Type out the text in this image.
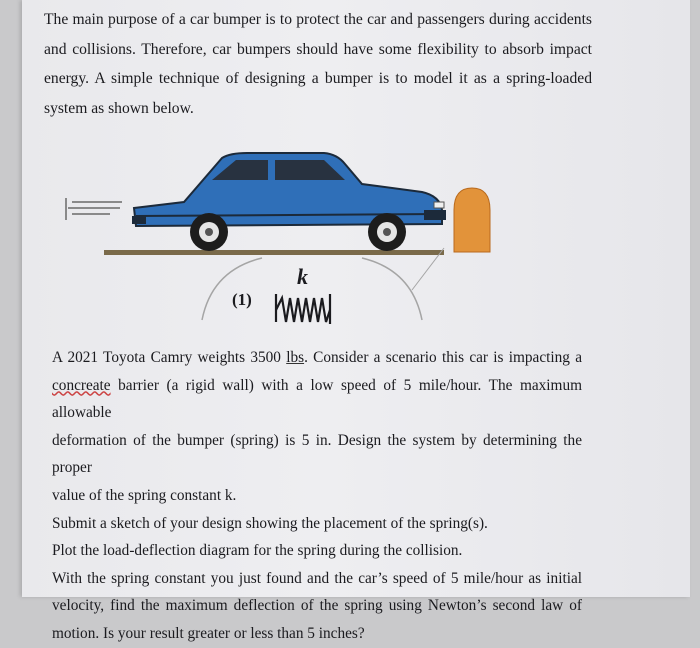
The main purpose of a car bumper is to protect the car and passengers during accidents
and collisions. Therefore, car bumpers should have some flexibility to absorb impact
energy. A simple technique of designing a bumper is to model it as a spring-loaded
system as shown below.

k
(1)
A 2021 Toyota Camry weights 3500 lbs. Consider a scenario this car is impacting a
concreate barrier (a rigid wall) with a low speed of 5 mile/hour. The maximum allowable
deformation of the bumper (spring) is 5 in. Design the system by determining the proper
value of the spring constant k.
Submit a sketch of your design showing the placement of the spring(s).
Plot the load-deflection diagram for the spring during the collision.
With the spring constant you just found and the car’s speed of 5 mile/hour as initial
velocity, find the maximum deflection of the spring using Newton’s second law of
motion. Is your result greater or less than 5 inches?
